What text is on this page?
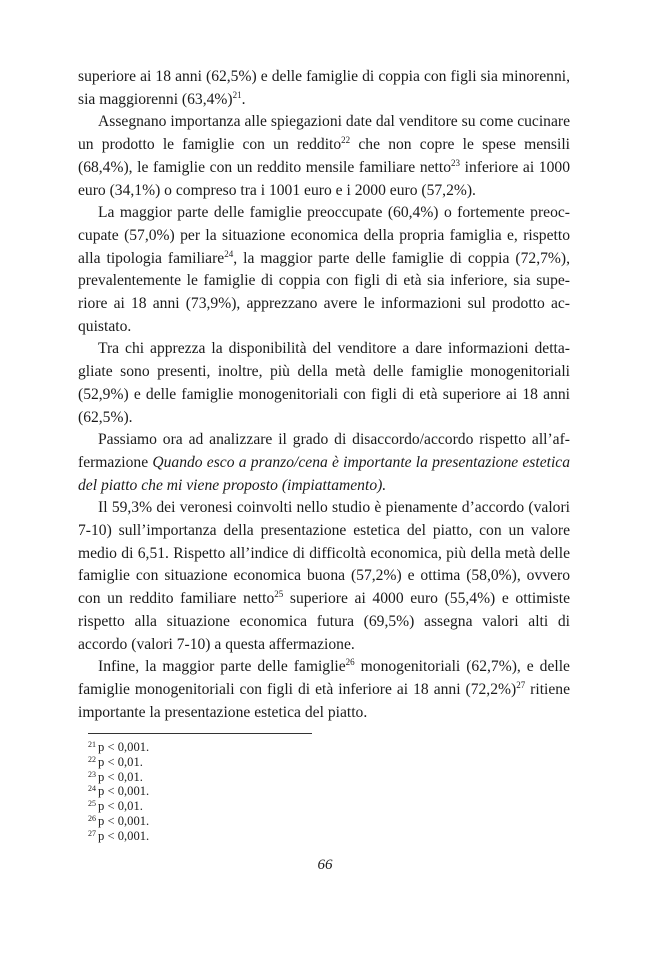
superiore ai 18 anni (62,5%) e delle famiglie di coppia con figli sia minorenni, sia maggiorenni $(63,4\%)^{21}$.

Assegnano importanza alle spiegazioni date dal venditore su come cucinare un prodotto le famiglie con un reddito$^{22}$ che non copre le spese mensili (68,4%), le famiglie con un reddito mensile familiare netto$^{23}$ inferiore ai 1000 euro (34,1%) o compreso tra i 1001 euro e i 2000 euro (57,2%).

La maggior parte delle famiglie preoccupate (60,4%) o fortemente preoccupate (57,0%) per la situazione economica della propria famiglia e, rispetto alla tipologia familiare$^{24}$, la maggior parte delle famiglie di coppia (72,7%), prevalentemente le famiglie di coppia con figli di età sia inferiore, sia superiore ai 18 anni (73,9%), apprezzano avere le informazioni sul prodotto acquistato.

Tra chi apprezza la disponibilità del venditore a dare informazioni dettagliate sono presenti, inoltre, più della metà delle famiglie monogenitoriali (52,9%) e delle famiglie monogenitoriali con figli di età superiore ai 18 anni (62,5%).

Passiamo ora ad analizzare il grado di disaccordo/accordo rispetto all’affermazione Quando esco a pranzo/cena è importante la presentazione estetica del piatto che mi viene proposto (impiattamento).

Il 59,3% dei veronesi coinvolti nello studio è pienamente d’accordo (valori 7-10) sull’importanza della presentazione estetica del piatto, con un valore medio di 6,51. Rispetto all’indice di difficoltà economica, più della metà delle famiglie con situazione economica buona (57,2%) e ottima (58,0%), ovvero con un reddito familiare netto$^{25}$ superiore ai 4000 euro (55,4%) e ottimiste rispetto alla situazione economica futura (69,5%) assegna valori alti di accordo (valori 7-10) a questa affermazione.

Infine, la maggior parte delle famiglie$^{26}$ monogenitoriali (62,7%), e delle famiglie monogenitoriali con figli di età inferiore ai 18 anni $(72,2\%)^{27}$ ritiene importante la presentazione estetica del piatto.

$^{21}$ p < 0,001.
$^{22}$ p < 0,01.
$^{23}$ p < 0,01.
$^{24}$ p < 0,001.
$^{25}$ p < 0,01.
$^{26}$ p < 0,001.
$^{27}$ p < 0,001.
66
